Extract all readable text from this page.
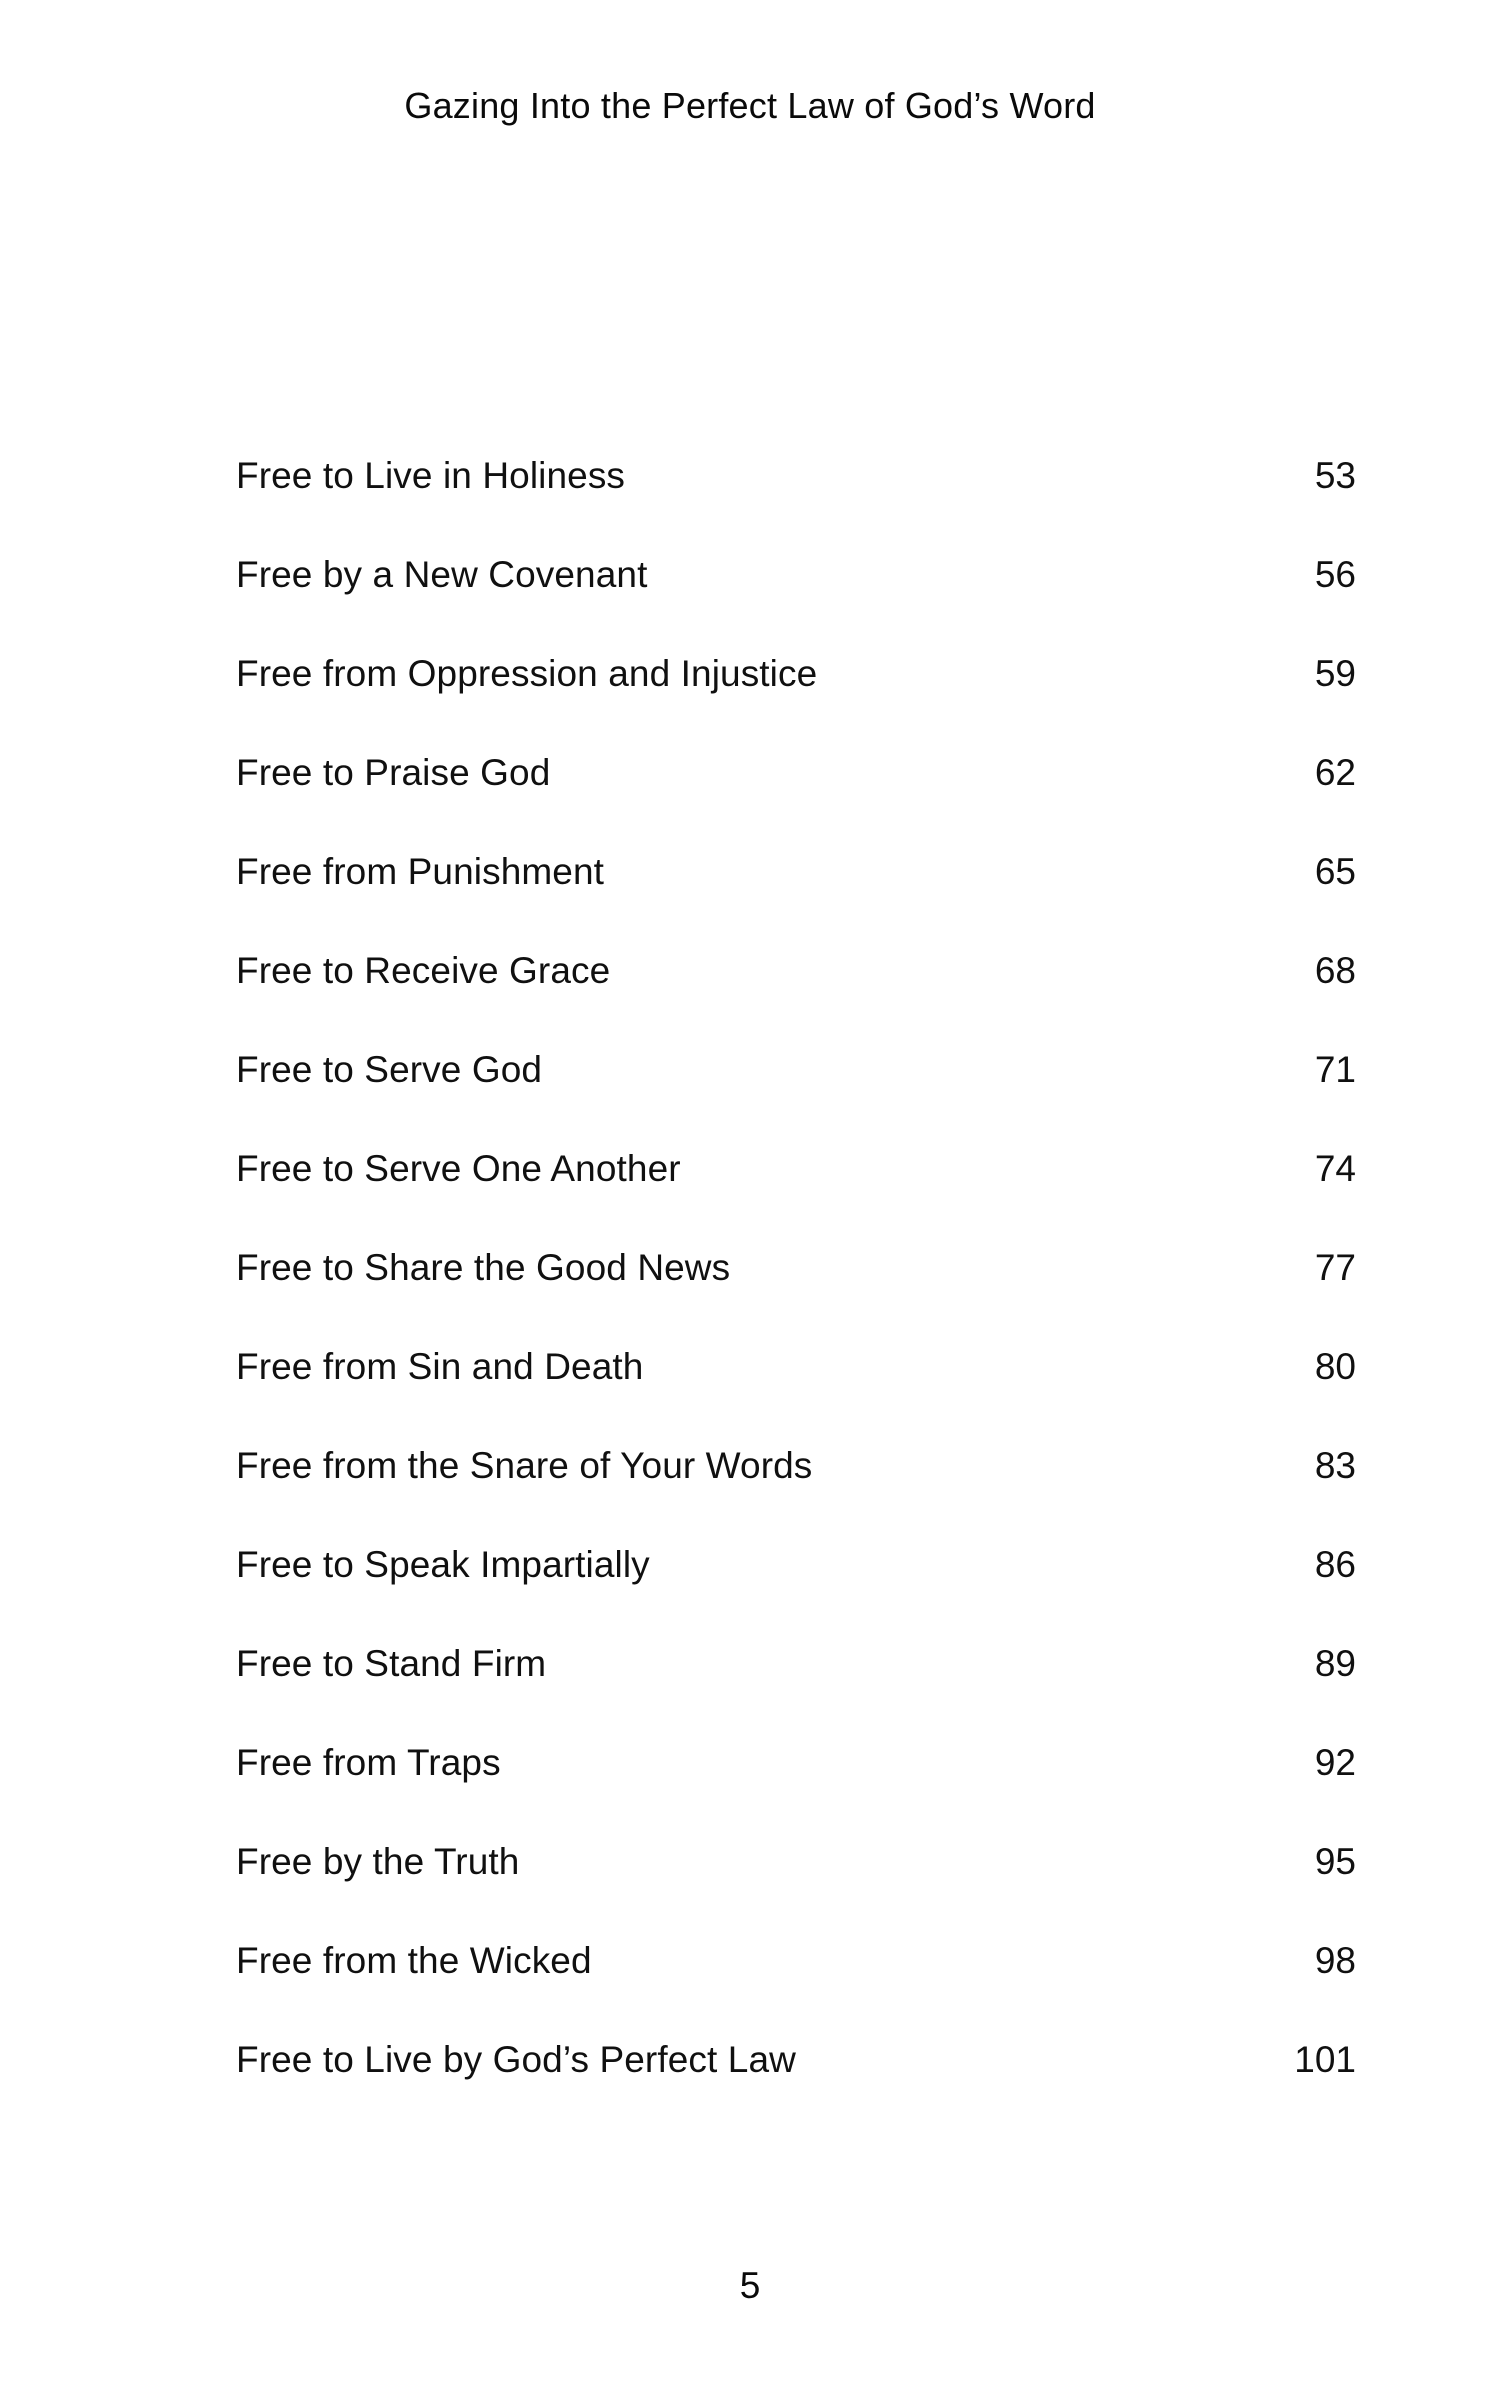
Gazing Into the Perfect Law of God’s Word
Free to Live in Holiness	53
Free by a New Covenant	56
Free from Oppression and Injustice	59
Free to Praise God	62
Free from Punishment	65
Free to Receive Grace	68
Free to Serve God	71
Free to Serve One Another	74
Free to Share the Good News	77
Free from Sin and Death	80
Free from the Snare of Your Words	83
Free to Speak Impartially	86
Free to Stand Firm	89
Free from Traps	92
Free by the Truth	95
Free from the Wicked	98
Free to Live by God’s Perfect Law	101
5
